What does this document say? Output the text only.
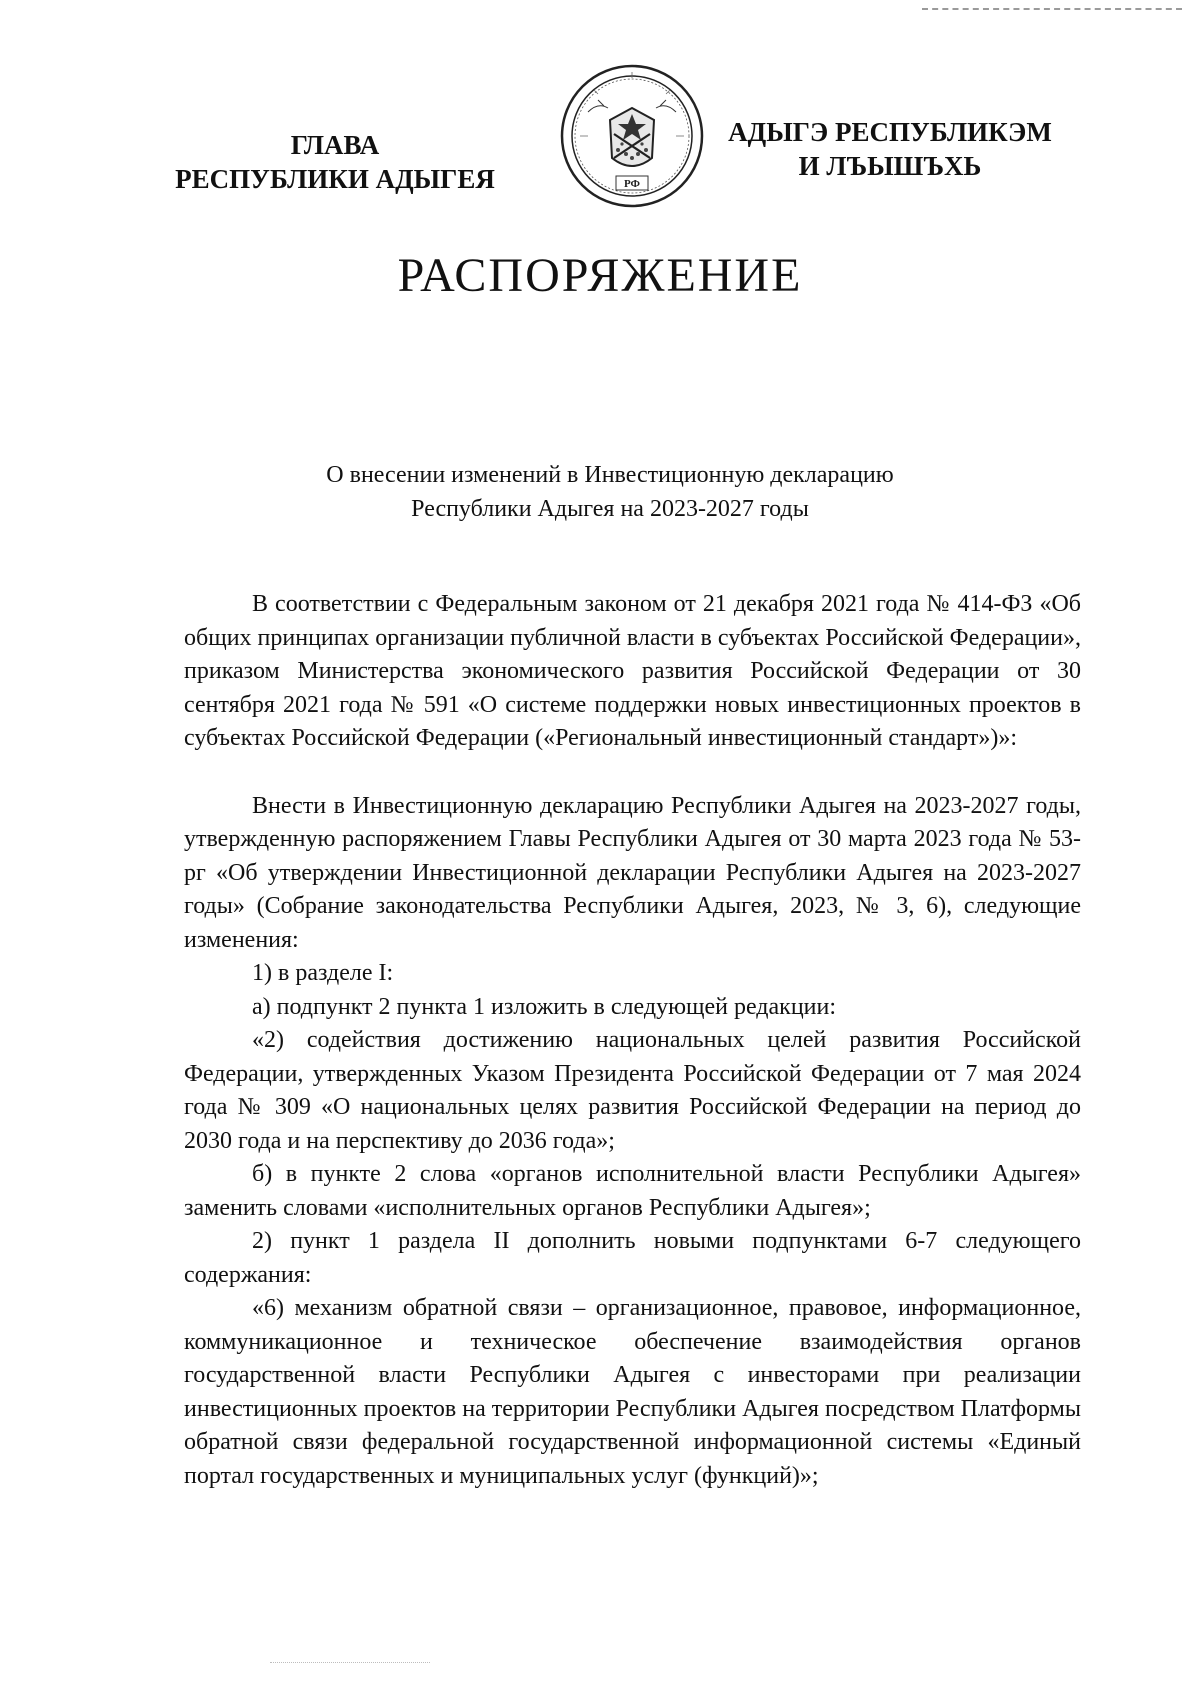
ГЛАВА
РЕСПУБЛИКИ АДЫГЕЯ	РФ
АДЫГЭ РЕСПУБЛИКЭМ
И ЛЪЫШЪХЬ
РАСПОРЯЖЕНИЕ
О внесении изменений в Инвестиционную декларацию
Республики Адыгея на 2023-2027 годы

В соответствии с Федеральным законом от 21 декабря 2021 года № 414-ФЗ «Об общих принципах организации публичной власти в субъектах Российской Федерации», приказом Министерства экономического развития Российской Федерации от 30 сентября 2021 года № 591 «О системе поддержки новых инвестиционных проектов в субъектах Российской Федерации («Региональный инвестиционный стандарт»)»:

Внести в Инвестиционную декларацию Республики Адыгея на 2023-2027 годы, утвержденную распоряжением Главы Республики Адыгея от 30 марта 2023 года № 53-рг «Об утверждении Инвестиционной декларации Республики Адыгея на 2023-2027 годы» (Собрание законодательства Республики Адыгея, 2023, № 3, 6), следующие изменения:

1) в разделе I:

а) подпункт 2 пункта 1 изложить в следующей редакции:

«2) содействия достижению национальных целей развития Российской Федерации, утвержденных Указом Президента Российской Федерации от 7 мая 2024 года № 309 «О национальных целях развития Российской Федерации на период до 2030 года и на перспективу до 2036 года»;

б) в пункте 2 слова «органов исполнительной власти Республики Адыгея» заменить словами «исполнительных органов Республики Адыгея»;

2) пункт 1 раздела II дополнить новыми подпунктами 6-7 следующего содержания:

«6) механизм обратной связи – организационное, правовое, информационное, коммуникационное и техническое обеспечение взаимодействия органов государственной власти Республики Адыгея с инвесторами при реализации инвестиционных проектов на территории Республики Адыгея посредством Платформы обратной связи федеральной государственной информационной системы «Единый портал государственных и муниципальных услуг (функций)»;
